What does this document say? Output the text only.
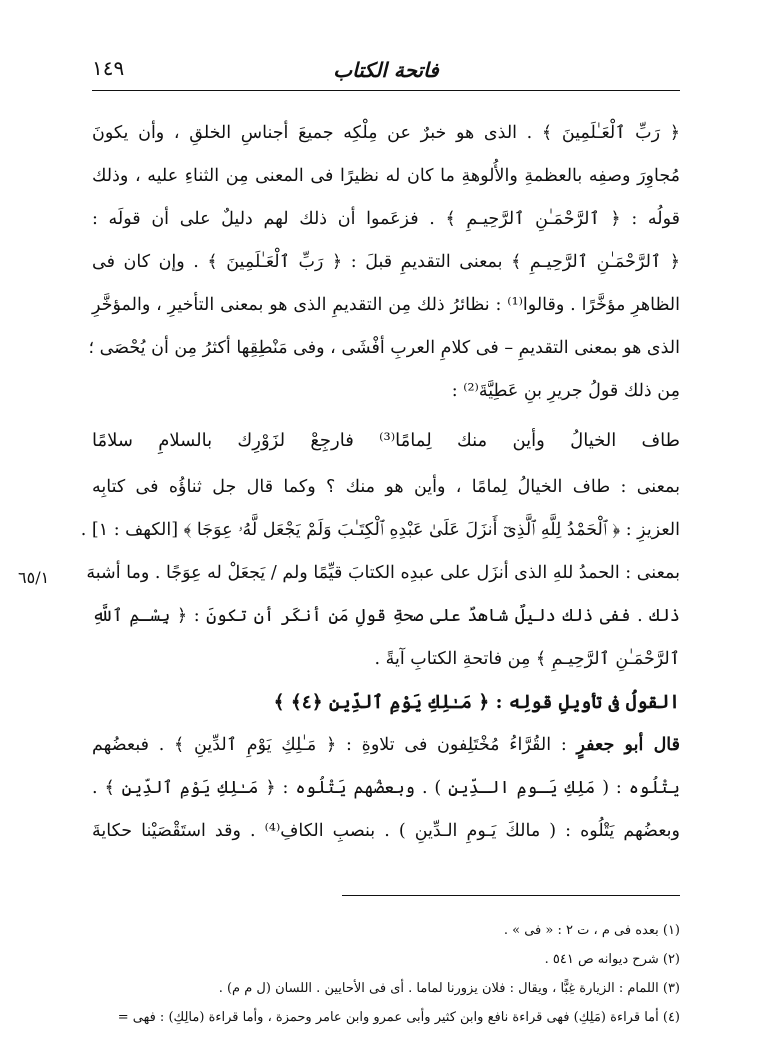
فاتحة الكتاب
١٤٩
﴿ رَبِّ ٱلْعَـٰلَمِينَ ﴾ . الذى هو خبرٌ عن مِلْكِه جميعَ أجناسِ الخلقِ ، وأن يكونَ
مُجاوِرَ وصفِه بالعظمةِ والأُلوهةِ ما كان له نظيرًا فى المعنى مِن الثناءِ عليه ، وذلك
قولُه : ﴿ ٱلرَّحْمَـٰنِ ٱلرَّحِيـمِ ﴾ . فزعَموا أن ذلك لهم دليلٌ على أن قولَه :
﴿ ٱلرَّحْمَـٰنِ ٱلرَّحِيـمِ ﴾ بمعنى التقديمِ قبلَ : ﴿ رَبِّ ٱلْعَـٰلَمِينَ ﴾ . وإن كان فى
الظاهرِ مؤخَّرًا . وقالوا⁽¹⁾ : نظائرُ ذلك مِن التقديمِ الذى هو بمعنى التأخيرِ ، والمؤخَّرِ
الذى هو بمعنى التقديمِ – فى كلامِ العربِ أفْشَى ، وفى مَنْطِقِها أكثرُ مِن أن يُحْصَى ؛
مِن ذلك قولُ جريرِ بنِ عَطِيَّةَ⁽²⁾ :
طاف الخيالُ وأين منك لِمامًا⁽³⁾ فارجِعْ لزَوْرِك بالسلامِ سلامًا
بمعنى : طاف الخيالُ لِمامًا ، وأين هو منك ؟ وكما قال جل ثناؤُه فى كتابِه
العزيزِ : ﴿ ٱلْحَمْدُ لِلَّهِ ٱلَّذِىٓ أَنزَلَ عَلَىٰ عَبْدِهِ ٱلْكِتَـٰبَ وَلَمْ يَجْعَل لَّهُۥ عِوَجَا ﴾ [الكهف : ١] .
بمعنى : الحمدُ للهِ الذى أنزَل على عبدِه الكتابَ قيِّمًا ولم / يَجعَلْ له عِوَجًا . وما أشبهَ
ذلك . ففى ذلك دليلٌ شاهدٌ على صحةِ قولِ مَن أنكَر أن تكونَ : ﴿ بِسْـمِ ٱللَّهِ
ٱلرَّحْمَـٰنِ ٱلرَّحِيـمِ ﴾ مِن فاتحةِ الكتابِ آيةً .
القولُ فى تأويلِ قولِه : ﴿ مَـٰلِكِ يَوْمِ ٱلدِّينِ ﴿٤﴾ ﴾
قال أبو جعفرٍ : القُرَّاءُ مُخْتَلِفون فى تلاوةِ : ﴿ مَـٰلِكِ يَوْمِ ٱلدِّينِ ﴾ . فبعضُهم
يتْلُوه : ( مَلِكِ يَـومِ الـدِّينِ ) . وبعضُهم يَتْلُوه : ﴿ مَـٰلِكِ يَوْمِ ٱلدِّينِ ﴾ .
وبعضُهم يَتْلُوه : ( مالكَ يَـومِ الـدِّينِ ) . بنصبِ الكافِ⁽⁴⁾ . وقد استَقْصَيْنا حكايةَ
٦٥/١
(١) بعده فى م ، ت ٢ : « فى » .
(٢) شرح ديوانه ص ٥٤١ .
(٣) اللمام : الزيارة غِبًّا ، ويقال : فلان يزورنا لماما . أى فى الأحايين . اللسان (ل م م) .
(٤) أما قراءة (مَلِكِ) فهى قراءة نافع وابن كثير وأبى عمرو وابن عامر وحمزة ، وأما قراءة (مالِكِ) : فهى =
